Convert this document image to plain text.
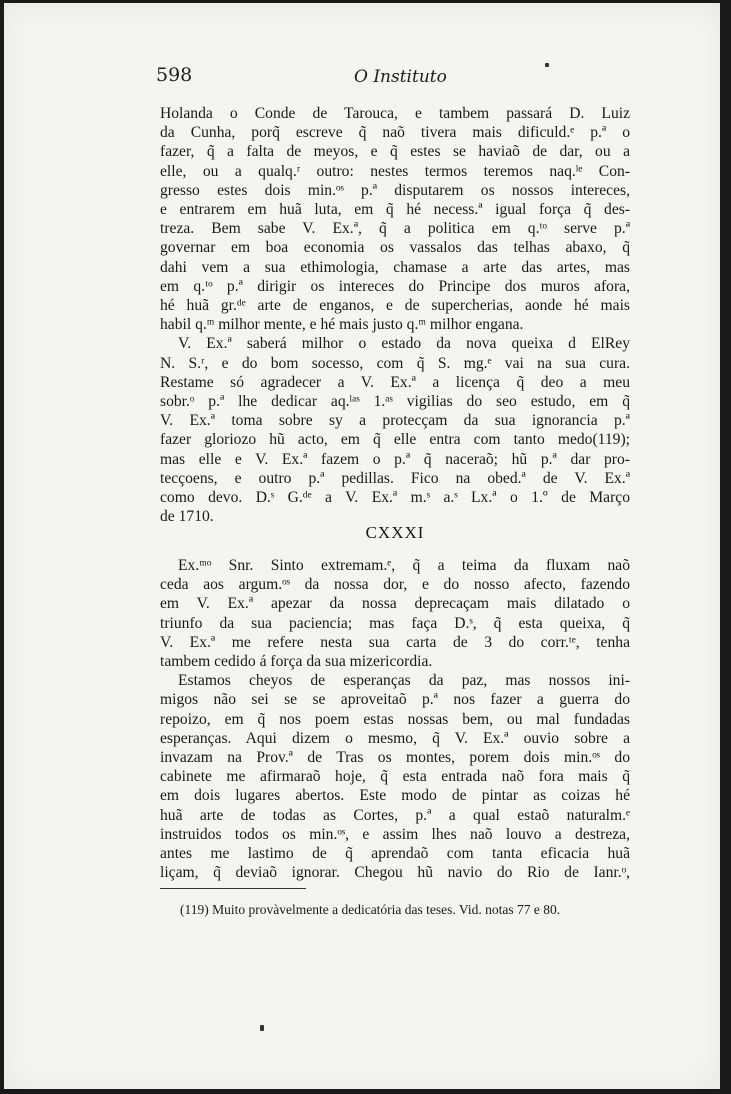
598	O Instituto

Holanda o Conde de Tarouca, e tambem passará D. Luiz

da Cunha, porq̃ escreve q̃ naõ tivera mais dificuld.ᵉ p.ª o

fazer, q̃ a falta de meyos, e q̃ estes se haviaõ de dar, ou a

elle, ou a qualq.ʳ outro: nestes termos teremos naq.ˡᵉ Con-

gresso estes dois min.ᵒˢ p.ª disputarem os nossos intereces,

e entrarem em huã luta, em q̃ hé necess.ª igual força q̃ des-

treza. Bem sabe V. Ex.ª, q̃ a politica em q.ᵗᵒ serve p.ª

governar em boa economia os vassalos das telhas abaxo, q̃

dahi vem a sua ethimologia, chamase a arte das artes, mas

em q.ᵗᵒ p.ª dirigir os intereces do Principe dos muros afora,

hé huã gr.ᵈᵉ arte de enganos, e de supercherias, aonde hé mais

habil q.ᵐ milhor mente, e hé mais justo q.ᵐ milhor engana.

V. Ex.ª saberá milhor o estado da nova queixa d ElRey

N. S.ʳ, e do bom socesso, com q̃ S. mg.ᵉ vai na sua cura.

Restame só agradecer a V. Ex.ª a licença q̃ deo a meu

sobr.ᵒ p.ª lhe dedicar aq.ˡᵃˢ 1.ᵃˢ vigilias do seo estudo, em q̃

V. Ex.ª toma sobre sy a protecçam da sua ignorancia p.ª

fazer gloriozo hũ acto, em q̃ elle entra com tanto medo(119);

mas elle e V. Ex.ª fazem o p.ª q̃ naceraõ; hũ p.ª dar pro-

tecçoens, e outro p.ª pedillas. Fico na obed.ª de V. Ex.ª

como devo. D.ˢ G.ᵈᵉ a V. Ex.ª m.ˢ a.ˢ Lx.ª o 1.º de Março

de 1710.

CXXXI

Ex.ᵐᵒ Snr. Sinto extremam.ᵉ, q̃ a teima da fluxam naõ

ceda aos argum.ᵒˢ da nossa dor, e do nosso afecto, fazendo

em V. Ex.ª apezar da nossa deprecaçam mais dilatado o

triunfo da sua paciencia; mas faça D.ˢ, q̃ esta queixa, q̃

V. Ex.ª me refere nesta sua carta de 3 do corr.ᵗᵉ, tenha

tambem cedido á força da sua mizericordia.

Estamos cheyos de esperanças da paz, mas nossos ini-

migos não sei se se aproveitaõ p.ª nos fazer a guerra do

repoizo, em q̃ nos poem estas nossas bem, ou mal fundadas

esperanças. Aqui dizem o mesmo, q̃ V. Ex.ª ouvio sobre a

invazam na Prov.ª de Tras os montes, porem dois min.ᵒˢ do

cabinete me afirmaraõ hoje, q̃ esta entrada naõ fora mais q̃

em dois lugares abertos. Este modo de pintar as coizas hé

huã arte de todas as Cortes, p.ª a qual estaõ naturalm.ᵉ

instruidos todos os min.ᵒˢ, e assim lhes naõ louvo a destreza,

antes me lastimo de q̃ aprendaõ com tanta eficacia huã

liçam, q̃ deviaõ ignorar. Chegou hũ navio do Rio de Ianr.ᵒ,

(119) Muito provàvelmente a dedicatória das teses. Vid. notas 77 e 80.
